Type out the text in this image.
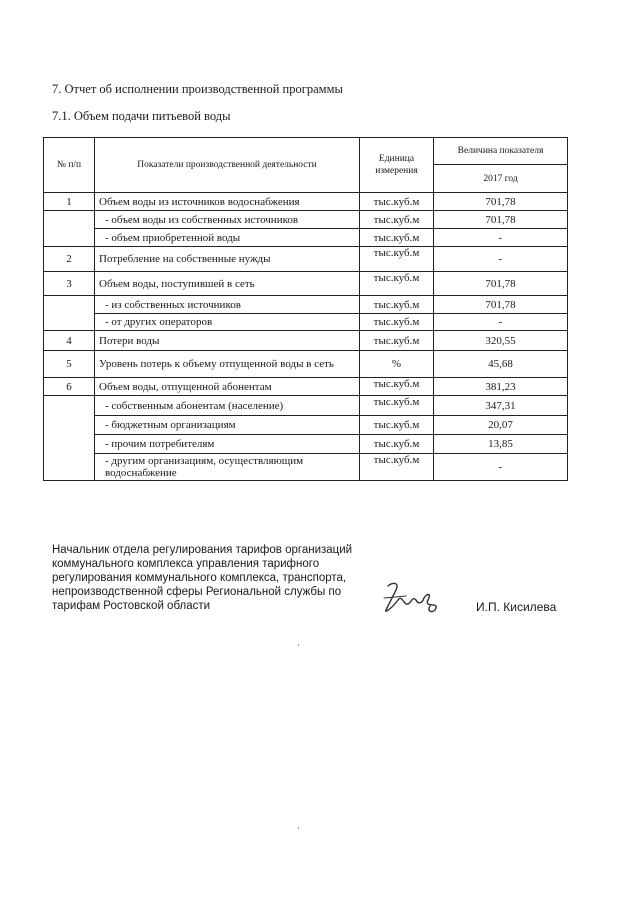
7. Отчет об исполнении производственной программы
7.1. Объем подачи питьевой воды
№ п/п	Показатели производственной деятельности	Единица измерения	Величина показателя
			2017 год
1	Объем воды из источников водоснабжения	тыс.куб.м	701,78
	- объем воды из собственных источников	тыс.куб.м	701,78
	- объем приобретенной воды	тыс.куб.м	-
2	Потребление на собственные нужды	тыс.куб.м	-
3	Объем воды, поступившей в сеть	тыс.куб.м	701,78
	- из собственных источников	тыс.куб.м	701,78
	- от других операторов	тыс.куб.м	-
4	Потери воды	тыс.куб.м	320,55
5	Уровень потерь к объему отпущенной воды в сеть	%	45,68
6	Объем воды, отпущенной абонентам	тыс.куб.м	381,23
	- собственным абонентам (население)	тыс.куб.м	347,31
	- бюджетным организациям	тыс.куб.м	20,07
	- прочим потребителям	тыс.куб.м	13,85
	- другим организациям, осуществляющим водоснабжение	тыс.куб.м	-
Начальник отдела регулирования тарифов организаций коммунального комплекса управления тарифного регулирования коммунального комплекса, транспорта, непроизводственной сферы Региональной службы по тарифам Ростовской области	И.П. Кисилева
